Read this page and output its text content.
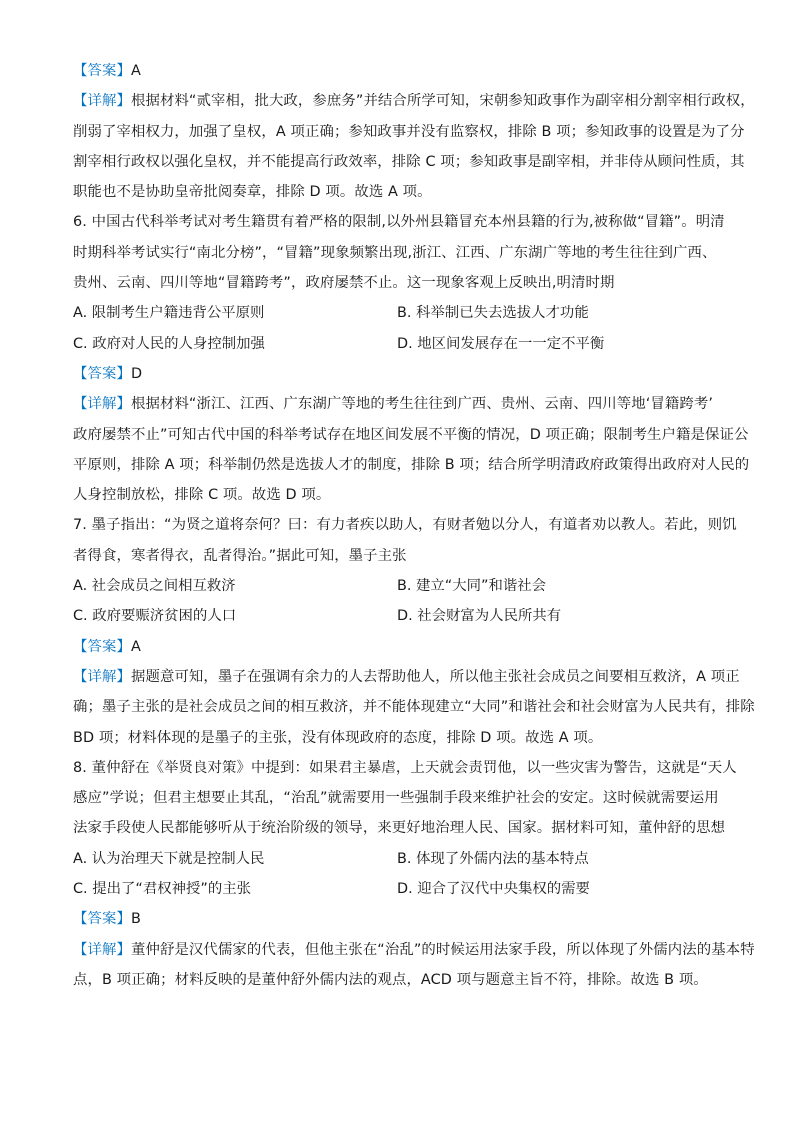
【答案】A
【详解】根据材料“贰宰相，批大政，参庶务”并结合所学可知，宋朝参知政事作为副宰相分割宰相行政权，
削弱了宰相权力，加强了皇权，A 项正确；参知政事并没有监察权，排除 B 项；参知政事的设置是为了分
割宰相行政权以强化皇权，并不能提高行政效率，排除 C 项；参知政事是副宰相，并非侍从顾问性质，其
职能也不是协助皇帝批阅奏章，排除 D 项。故选 A 项。
6. 中国古代科举考试对考生籍贯有着严格的限制,以外州县籍冒充本州县籍的行为,被称做“冒籍”。明清
时期科举考试实行“南北分榜”，“冒籍”现象频繁出现,浙江、江西、广东湖广等地的考生往往到广西、
贵州、云南、四川等地“冒籍跨考”，政府屡禁不止。这一现象客观上反映出,明清时期
A. 限制考生户籍违背公平原则	B. 科举制已失去选拔人才功能
C. 政府对人民的人身控制加强	D. 地区间发展存在一一定不平衡
【答案】D
【详解】根据材料“浙江、江西、广东湖广等地的考生往往到广西、贵州、云南、四川等地‘冒籍跨考’
政府屡禁不止”可知古代中国的科举考试存在地区间发展不平衡的情况，D 项正确；限制考生户籍是保证公
平原则，排除 A 项；科举制仍然是选拔人才的制度，排除 B 项；结合所学明清政府政策得出政府对人民的
人身控制放松，排除 C 项。故选 D 项。
7. 墨子指出：“为贤之道将奈何？曰：有力者疾以助人，有财者勉以分人，有道者劝以教人。若此，则饥
者得食，寒者得衣，乱者得治。”据此可知，墨子主张
A. 社会成员之间相互救济	B. 建立“大同”和谐社会
C. 政府要赈济贫困的人口	D. 社会财富为人民所共有
【答案】A
【详解】据题意可知，墨子在强调有余力的人去帮助他人，所以他主张社会成员之间要相互救济，A 项正
确；墨子主张的是社会成员之间的相互救济，并不能体现建立“大同”和谐社会和社会财富为人民共有，排除
BD 项；材料体现的是墨子的主张，没有体现政府的态度，排除 D 项。故选 A 项。
8. 董仲舒在《举贤良对策》中提到：如果君主暴虐，上天就会责罚他，以一些灾害为警告，这就是“天人
感应”学说；但君主想要止其乱，“治乱”就需要用一些强制手段来维护社会的安定。这时候就需要运用
法家手段使人民都能够听从于统治阶级的领导，来更好地治理人民、国家。据材料可知，董仲舒的思想
A. 认为治理天下就是控制人民	B. 体现了外儒内法的基本特点
C. 提出了“君权神授”的主张	D. 迎合了汉代中央集权的需要
【答案】B
【详解】董仲舒是汉代儒家的代表，但他主张在“治乱”的时候运用法家手段，所以体现了外儒内法的基本特
点，B 项正确；材料反映的是董仲舒外儒内法的观点，ACD 项与题意主旨不符，排除。故选 B 项。
